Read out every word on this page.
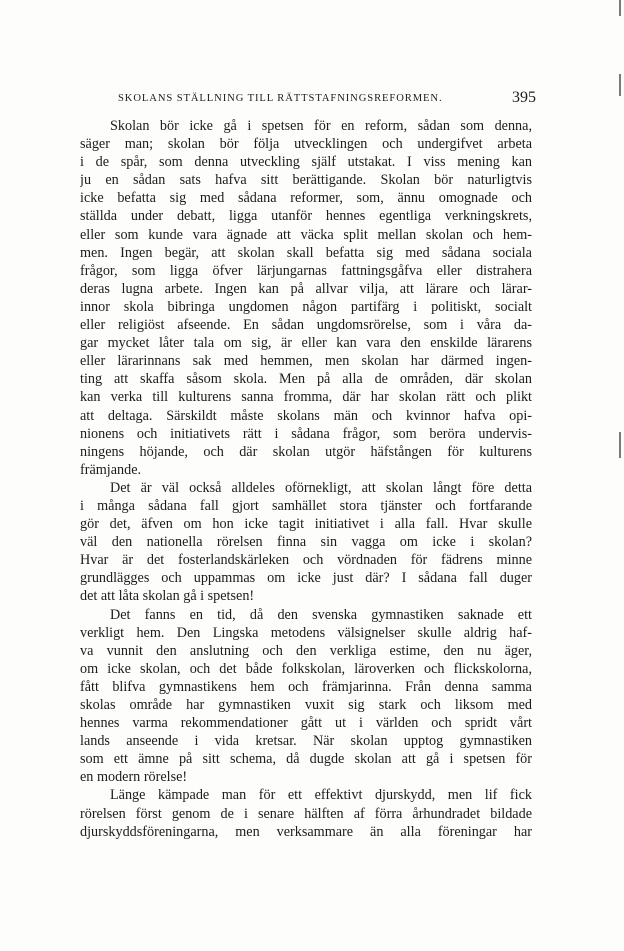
SKOLANS STÄLLNING TILL RÄTTSTAFNINGSREFORMEN.	395
Skolan bör icke gå i spetsen för en reform, sådan som denna,
säger man; skolan bör följa utvecklingen och undergifvet arbeta
i de spår, som denna utveckling själf utstakat. I viss mening kan
ju en sådan sats hafva sitt berättigande. Skolan bör naturligtvis
icke befatta sig med sådana reformer, som, ännu omognade och
ställda under debatt, ligga utanför hennes egentliga verkningskrets,
eller som kunde vara ägnade att väcka split mellan skolan och hem-
men. Ingen begär, att skolan skall befatta sig med sådana sociala
frågor, som ligga öfver lärjungarnas fattningsgåfva eller distrahera
deras lugna arbete. Ingen kan på allvar vilja, att lärare och lärar-
innor skola bibringa ungdomen någon partifärg i politiskt, socialt
eller religiöst afseende. En sådan ungdomsrörelse, som i våra da-
gar mycket låter tala om sig, är eller kan vara den enskilde lärarens
eller lärarinnans sak med hemmen, men skolan har därmed ingen-
ting att skaffa såsom skola. Men på alla de områden, där skolan
kan verka till kulturens sanna fromma, där har skolan rätt och plikt
att deltaga. Särskildt måste skolans män och kvinnor hafva opi-
nionens och initiativets rätt i sådana frågor, som beröra undervis-
ningens höjande, och där skolan utgör häfstången för kulturens
främjande.
Det är väl också alldeles oförnekligt, att skolan långt före detta
i många sådana fall gjort samhället stora tjänster och fortfarande
gör det, äfven om hon icke tagit initiativet i alla fall. Hvar skulle
väl den nationella rörelsen finna sin vagga om icke i skolan?
Hvar är det fosterlandskärleken och vördnaden för fädrens minne
grundlägges och uppammas om icke just där? I sådana fall duger
det att låta skolan gå i spetsen!
Det fanns en tid, då den svenska gymnastiken saknade ett
verkligt hem. Den Lingska metodens välsignelser skulle aldrig haf-
va vunnit den anslutning och den verkliga estime, den nu äger,
om icke skolan, och det både folkskolan, läroverken och flickskolorna,
fått blifva gymnastikens hem och främjarinna. Från denna samma
skolas område har gymnastiken vuxit sig stark och liksom med
hennes varma rekommendationer gått ut i världen och spridt vårt
lands anseende i vida kretsar. När skolan upptog gymnastiken
som ett ämne på sitt schema, då dugde skolan att gå i spetsen för
en modern rörelse!
Länge kämpade man för ett effektivt djurskydd, men lif fick
rörelsen först genom de i senare hälften af förra århundradet bildade
djurskyddsföreningarna, men verksammare än alla föreningar har
